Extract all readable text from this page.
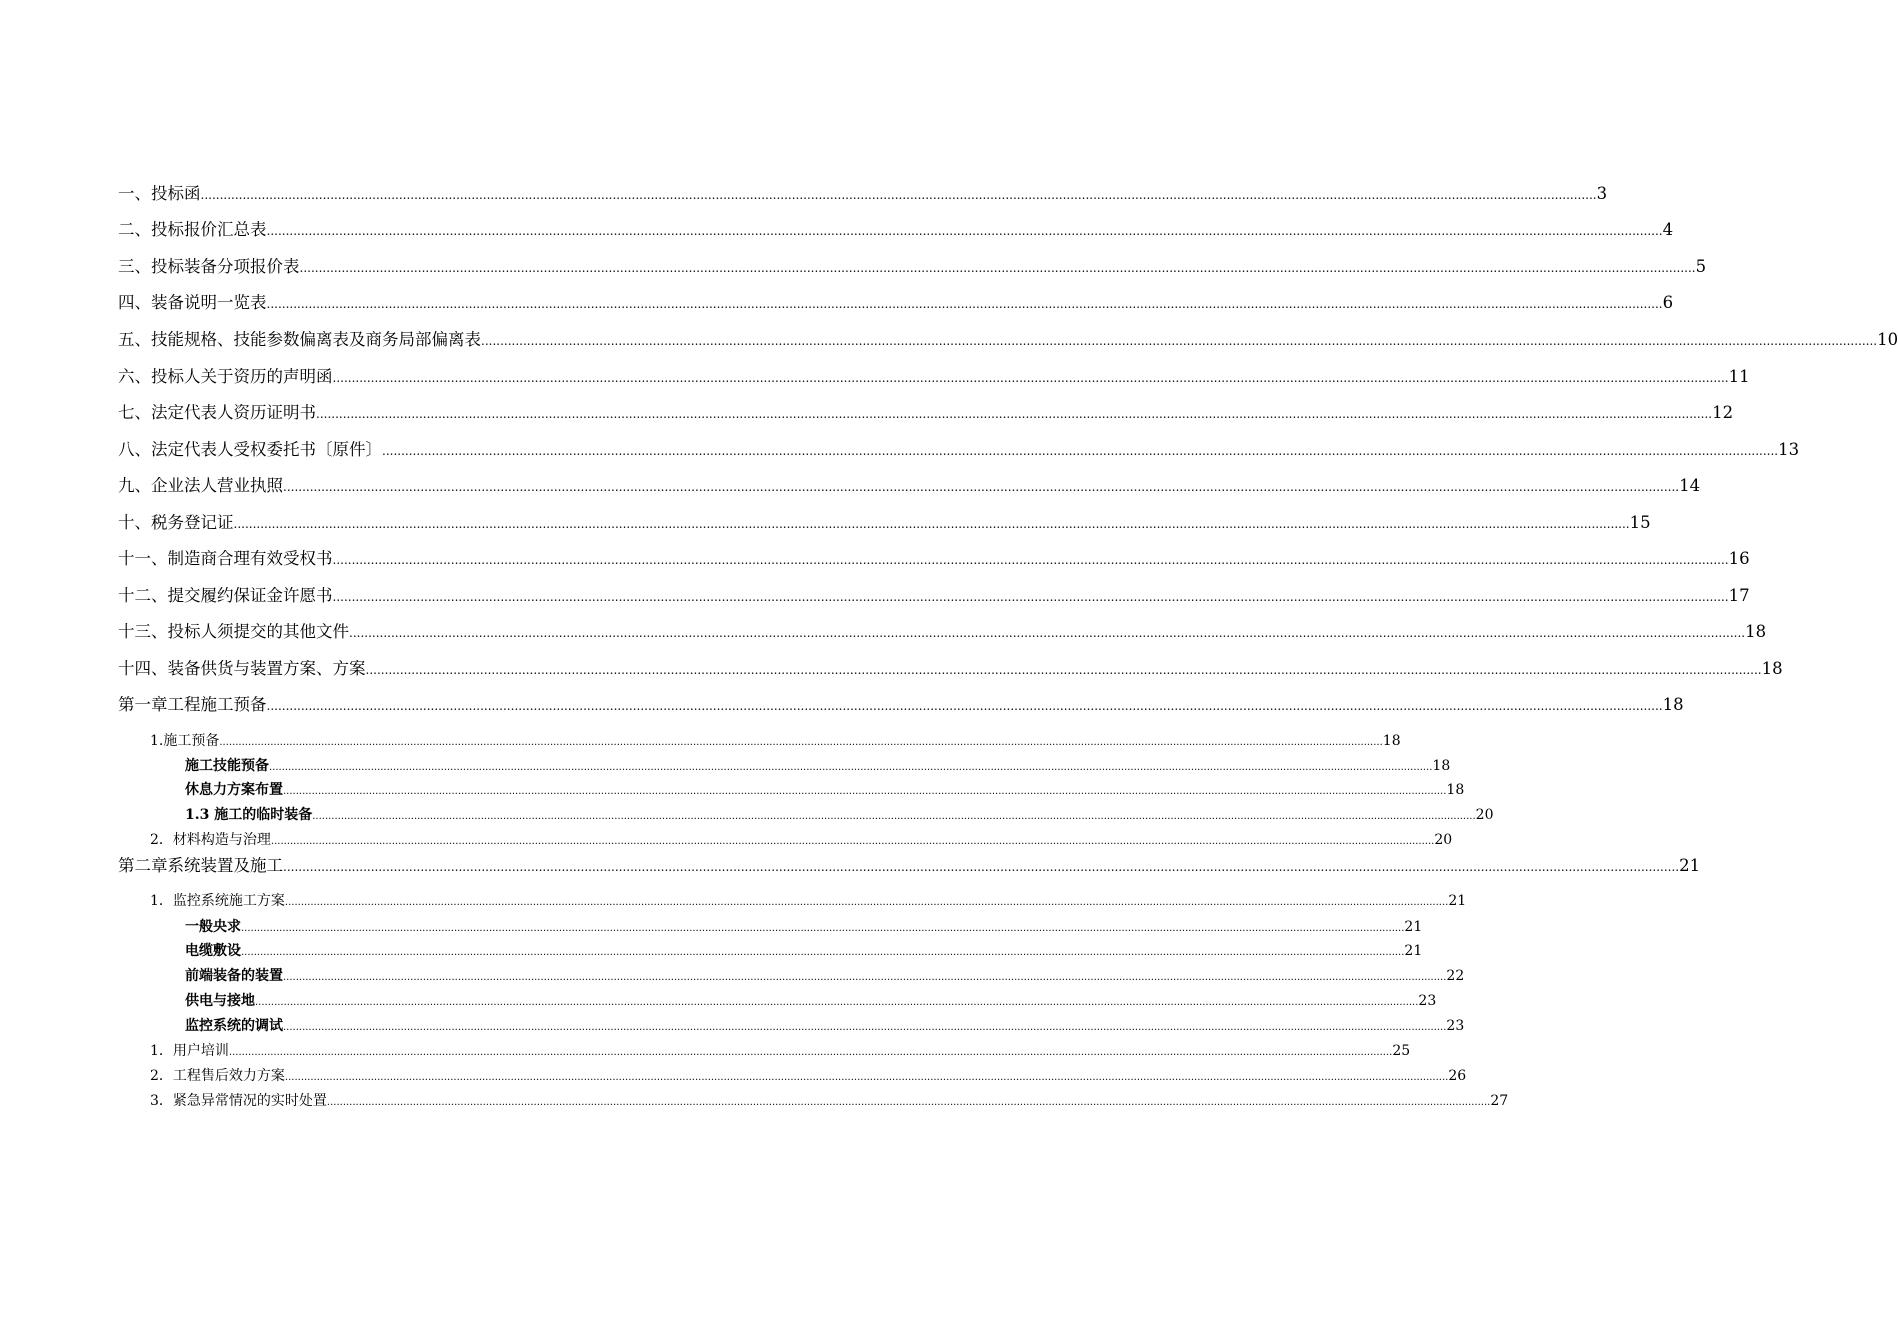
一、投标函 .............................................................................................................................................................................................................................................................................................................................................................................. 3
二、投标报价汇总表 .............................................................................................................................................................................................................................................................................................................................................................................. 4
三、投标装备分项报价表 .............................................................................................................................................................................................................................................................................................................................................................................. 5
四、装备说明一览表 .............................................................................................................................................................................................................................................................................................................................................................................. 6
五、技能规格、技能参数偏离表及商务局部偏离表 .............................................................................................................................................................................................................................................................................................................................................................................. 10
六、投标人关于资历的声明函 .............................................................................................................................................................................................................................................................................................................................................................................. 11
七、法定代表人资历证明书 .............................................................................................................................................................................................................................................................................................................................................................................. 12
八、法定代表人受权委托书〔原件〕 .............................................................................................................................................................................................................................................................................................................................................................................. 13
九、企业法人营业执照 .............................................................................................................................................................................................................................................................................................................................................................................. 14
十、税务登记证 .............................................................................................................................................................................................................................................................................................................................................................................. 15
十一、制造商合理有效受权书 .............................................................................................................................................................................................................................................................................................................................................................................. 16
十二、提交履约保证金许愿书 .............................................................................................................................................................................................................................................................................................................................................................................. 17
十三、投标人须提交的其他文件 .............................................................................................................................................................................................................................................................................................................................................................................. 18
十四、装备供货与装置方案、方案 .............................................................................................................................................................................................................................................................................................................................................................................. 18
第一章工程施工预备 .............................................................................................................................................................................................................................................................................................................................................................................. 18
1.施工预备 .............................................................................................................................................................................................................................................................................................................................................................................. 18
施工技能预备 .............................................................................................................................................................................................................................................................................................................................................................................. 18
休息力方案布置 .............................................................................................................................................................................................................................................................................................................................................................................. 18
1.3 施工的临时装备 .............................................................................................................................................................................................................................................................................................................................................................................. 20
2．材料构造与治理 .............................................................................................................................................................................................................................................................................................................................................................................. 20
第二章系统装置及施工 .............................................................................................................................................................................................................................................................................................................................................................................. 21
1．监控系统施工方案 .............................................................................................................................................................................................................................................................................................................................................................................. 21
一般央求 .............................................................................................................................................................................................................................................................................................................................................................................. 21
电缆敷设 .............................................................................................................................................................................................................................................................................................................................................................................. 21
前端装备的装置 .............................................................................................................................................................................................................................................................................................................................................................................. 22
供电与接地 .............................................................................................................................................................................................................................................................................................................................................................................. 23
监控系统的调试 .............................................................................................................................................................................................................................................................................................................................................................................. 23
1．用户培训 .............................................................................................................................................................................................................................................................................................................................................................................. 25
2．工程售后效力方案 .............................................................................................................................................................................................................................................................................................................................................................................. 26
3．紧急异常情况的实时处置 .............................................................................................................................................................................................................................................................................................................................................................................. 27
